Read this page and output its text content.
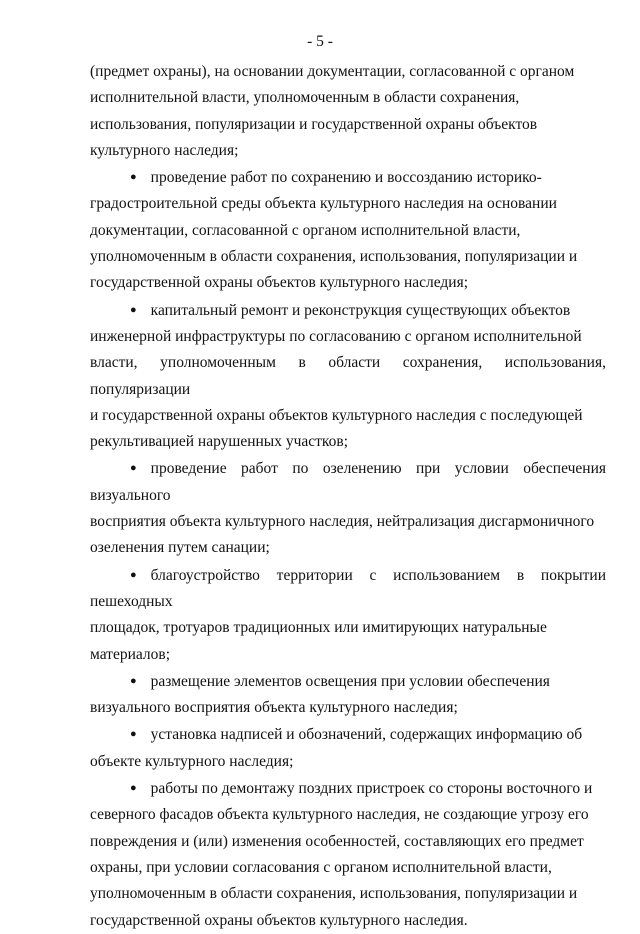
- 5 -

(предмет охраны), на основании документации, согласованной с органом
исполнительной власти, уполномоченным в области сохранения,
использования, популяризации и государственной охраны объектов
культурного наследия;

● проведение работ по сохранению и воссозданию историко-
градостроительной среды объекта культурного наследия на основании
документации, согласованной с органом исполнительной власти,
уполномоченным в области сохранения, использования, популяризации и
государственной охраны объектов культурного наследия;

● капитальный ремонт и реконструкция существующих объектов
инженерной инфраструктуры по согласованию с органом исполнительной
власти, уполномоченным в области сохранения, использования, популяризации
и государственной охраны объектов культурного наследия с последующей
рекультивацией нарушенных участков;

● проведение работ по озеленению при условии обеспечения визуального
восприятия объекта культурного наследия, нейтрализация дисгармоничного
озеленения путем санации;

● благоустройство территории с использованием в покрытии пешеходных
площадок, тротуаров традиционных или имитирующих натуральные
материалов;

● размещение элементов освещения при условии обеспечения
визуального восприятия объекта культурного наследия;

● установка надписей и обозначений, содержащих информацию об
объекте культурного наследия;

● работы по демонтажу поздних пристроек со стороны восточного и
северного фасадов объекта культурного наследия, не создающие угрозу его
повреждения и (или) изменения особенностей, составляющих его предмет
охраны, при условии согласования с органом исполнительной власти,
уполномоченным в области сохранения, использования, популяризации и
государственной охраны объектов культурного наследия.
